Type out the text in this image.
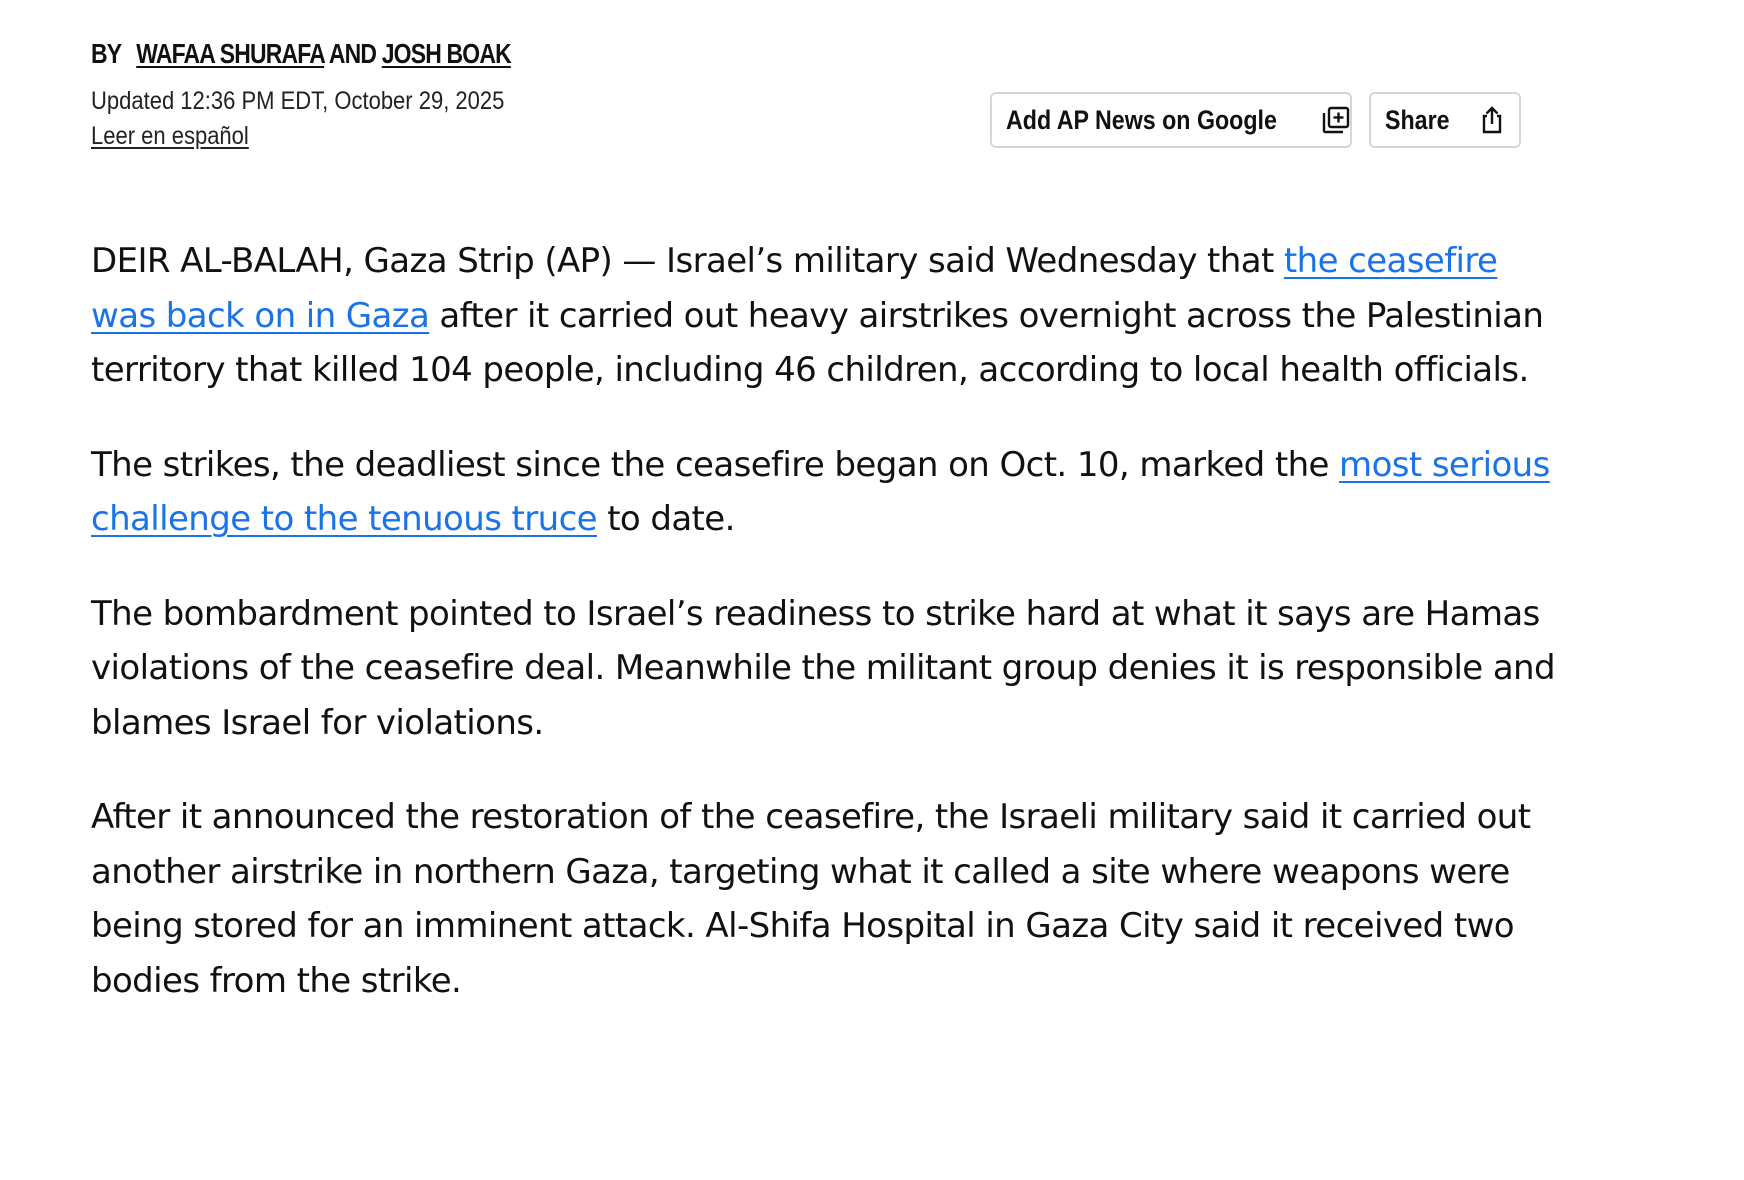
BY WAFAA SHURAFA AND JOSH BOAK
Updated 12:36 PM EDT, October 29, 2025
Leer en español
Add AP News on Google	Share

DEIR AL-BALAH, Gaza Strip (AP) — Israel’s military said Wednesday that the ceasefire was back on in Gaza after it carried out heavy airstrikes overnight across the Palestinian territory that killed 104 people, including 46 children, according to local health officials.

The strikes, the deadliest since the ceasefire began on Oct. 10, marked the most serious challenge to the tenuous truce to date.

The bombardment pointed to Israel’s readiness to strike hard at what it says are Hamas violations of the ceasefire deal. Meanwhile the militant group denies it is responsible and blames Israel for violations.

After it announced the restoration of the ceasefire, the Israeli military said it carried out another airstrike in northern Gaza, targeting what it called a site where weapons were being stored for an imminent attack. Al-Shifa Hospital in Gaza City said it received two bodies from the strike.
